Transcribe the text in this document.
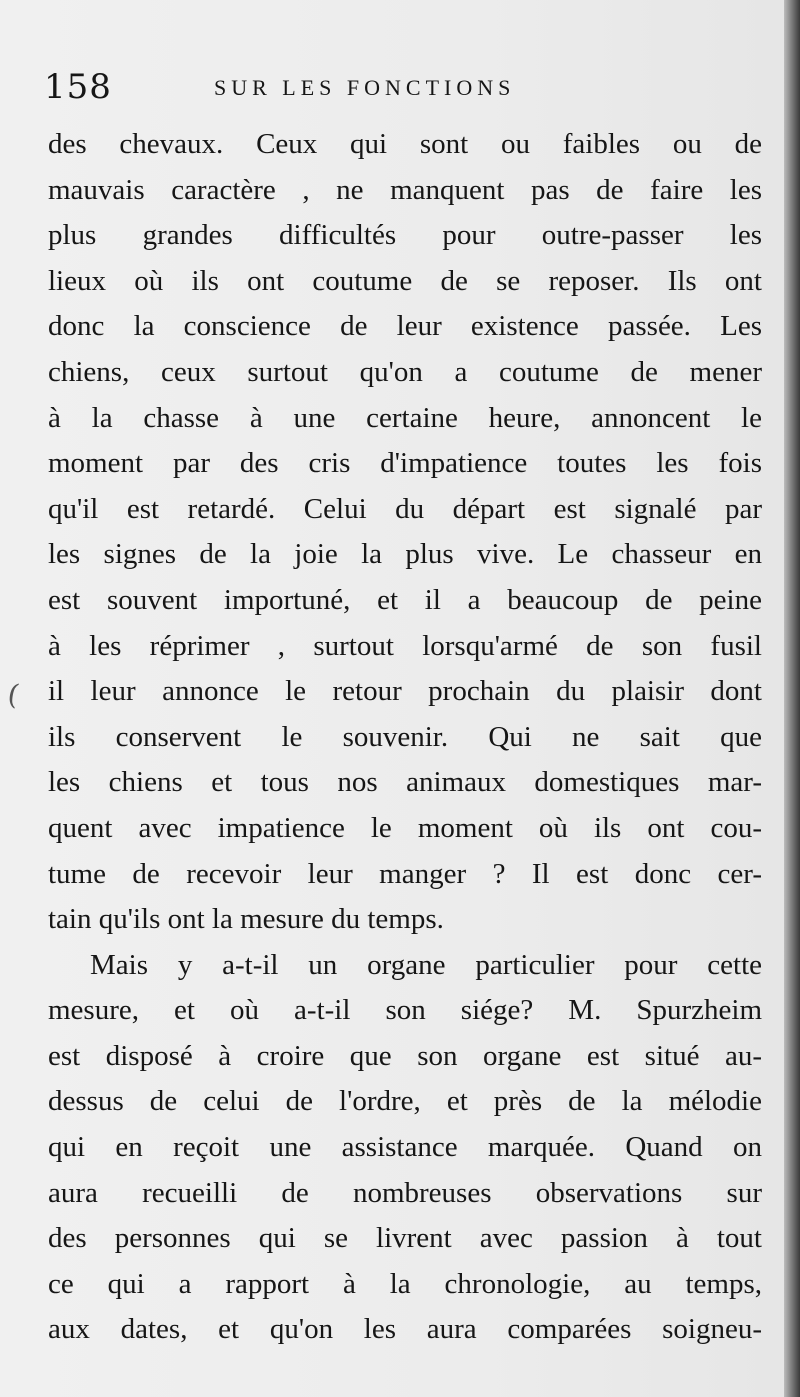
158	SUR LES FONCTIONS
(
des chevaux. Ceux qui sont ou faibles ou de
mauvais caractère , ne manquent pas de faire les
plus grandes difficultés pour outre-passer les
lieux où ils ont coutume de se reposer. Ils ont
donc la conscience de leur existence passée. Les
chiens, ceux surtout qu'on a coutume de mener
à la chasse à une certaine heure, annoncent le
moment par des cris d'impatience toutes les fois
qu'il est retardé. Celui du départ est signalé par
les signes de la joie la plus vive. Le chasseur en
est souvent importuné, et il a beaucoup de peine
à les réprimer , surtout lorsqu'armé de son fusil
il leur annonce le retour prochain du plaisir dont
ils conservent le souvenir. Qui ne sait que
les chiens et tous nos animaux domestiques mar-
quent avec impatience le moment où ils ont cou-
tume de recevoir leur manger ? Il est donc cer-
tain qu'ils ont la mesure du temps.
Mais y a-t-il un organe particulier pour cette
mesure, et où a-t-il son siége? M. Spurzheim
est disposé à croire que son organe est situé au-
dessus de celui de l'ordre, et près de la mélodie
qui en reçoit une assistance marquée. Quand on
aura recueilli de nombreuses observations sur
des personnes qui se livrent avec passion à tout
ce qui a rapport à la chronologie, au temps,
aux dates, et qu'on les aura comparées soigneu-
